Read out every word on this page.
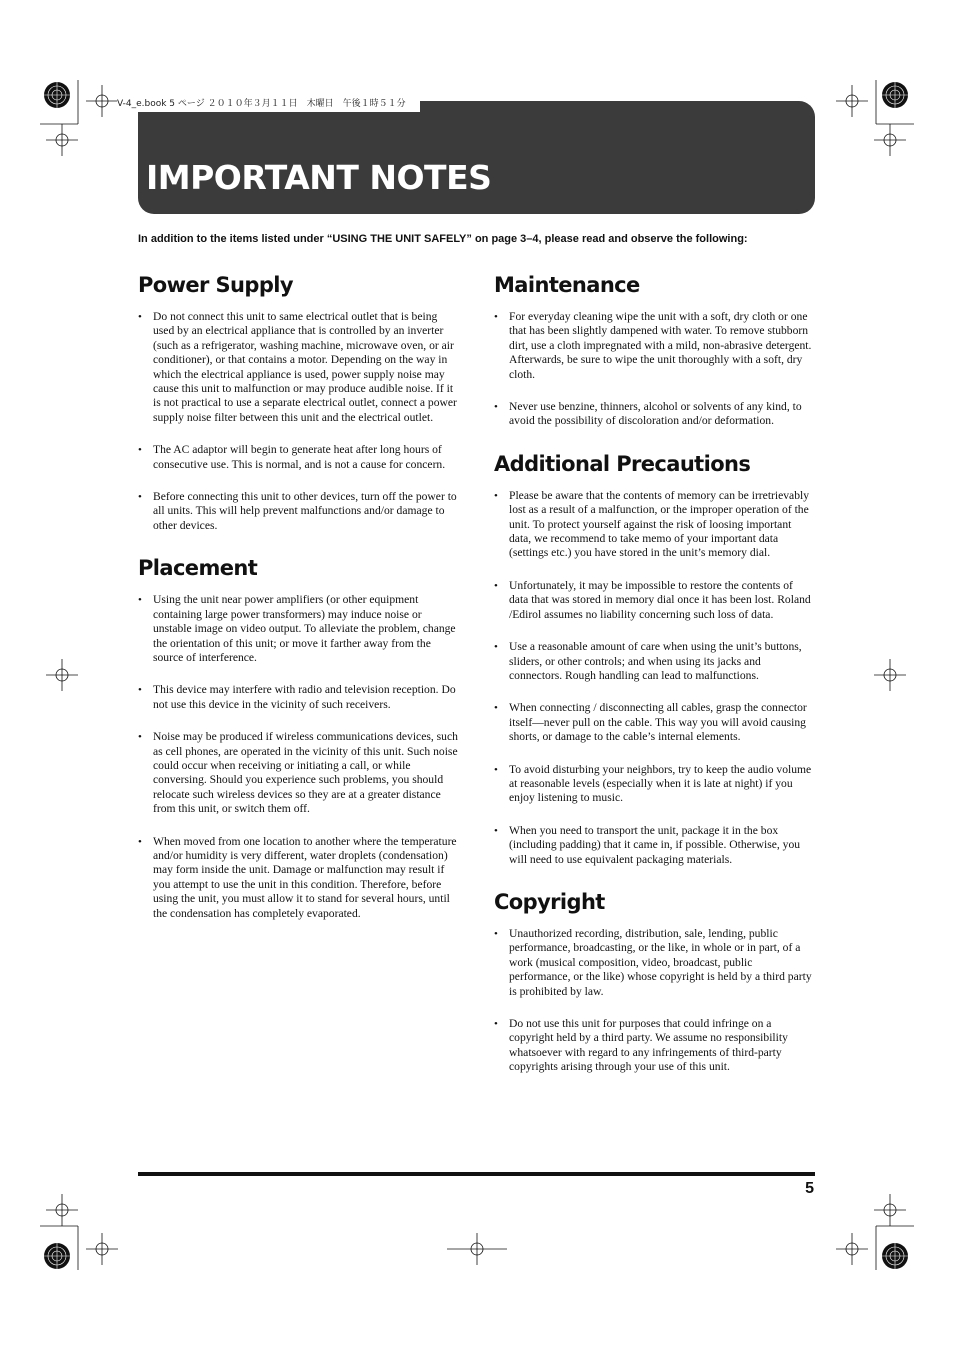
V-4_e.book 5 ページ ２０１０年３月１１日　木曜日　午後１時５１分
IMPORTANT NOTES

In addition to the items listed under “USING THE UNIT SAFELY” on page 3–4, please read and observe the following:

Power Supply
• Do not connect this unit to same electrical outlet that is being used by an electrical appliance that is controlled by an inverter (such as a refrigerator, washing machine, microwave oven, or air conditioner), or that contains a motor. Depending on the way in which the electrical appliance is used, power supply noise may cause this unit to malfunction or may produce audible noise. If it is not practical to use a separate electrical outlet, connect a power supply noise filter between this unit and the electrical outlet.
• The AC adaptor will begin to generate heat after long hours of consecutive use. This is normal, and is not a cause for concern.
• Before connecting this unit to other devices, turn off the power to all units. This will help prevent malfunctions and/or damage to other devices.
Placement
• Using the unit near power amplifiers (or other equipment containing large power transformers) may induce noise or unstable image on video output. To alleviate the problem, change the orientation of this unit; or move it farther away from the source of interference.
• This device may interfere with radio and television reception. Do not use this device in the vicinity of such receivers.
• Noise may be produced if wireless communications devices, such as cell phones, are operated in the vicinity of this unit. Such noise could occur when receiving or initiating a call, or while conversing. Should you experience such problems, you should relocate such wireless devices so they are at a greater distance from this unit, or switch them off.
• When moved from one location to another where the temperature and/or humidity is very different, water droplets (condensation) may form inside the unit. Damage or malfunction may result if you attempt to use the unit in this condition. Therefore, before using the unit, you must allow it to stand for several hours, until the condensation has completely evaporated.
Maintenance
• For everyday cleaning wipe the unit with a soft, dry cloth or one that has been slightly dampened with water. To remove stubborn dirt, use a cloth impregnated with a mild, non-abrasive detergent. Afterwards, be sure to wipe the unit thoroughly with a soft, dry cloth.
• Never use benzine, thinners, alcohol or solvents of any kind, to avoid the possibility of discoloration and/or deformation.
Additional Precautions
• Please be aware that the contents of memory can be irretrievably lost as a result of a malfunction, or the improper operation of the unit. To protect yourself against the risk of loosing important data, we recommend to take memo of your important data (settings etc.) you have stored in the unit’s memory dial.
• Unfortunately, it may be impossible to restore the contents of data that was stored in memory dial once it has been lost. Roland /Edirol assumes no liability concerning such loss of data.
• Use a reasonable amount of care when using the unit’s buttons, sliders, or other controls; and when using its jacks and connectors. Rough handling can lead to malfunctions.
• When connecting / disconnecting all cables, grasp the connector itself—never pull on the cable. This way you will avoid causing shorts, or damage to the cable’s internal elements.
• To avoid disturbing your neighbors, try to keep the audio volume at reasonable levels (especially when it is late at night) if you enjoy listening to music.
• When you need to transport the unit, package it in the box (including padding) that it came in, if possible. Otherwise, you will need to use equivalent packaging materials.
Copyright
• Unauthorized recording, distribution, sale, lending, public performance, broadcasting, or the like, in whole or in part, of a work (musical composition, video, broadcast, public performance, or the like) whose copyright is held by a third party is prohibited by law.
• Do not use this unit for purposes that could infringe on a copyright held by a third party. We assume no responsibility whatsoever with regard to any infringements of third-party copyrights arising through your use of this unit.
5
